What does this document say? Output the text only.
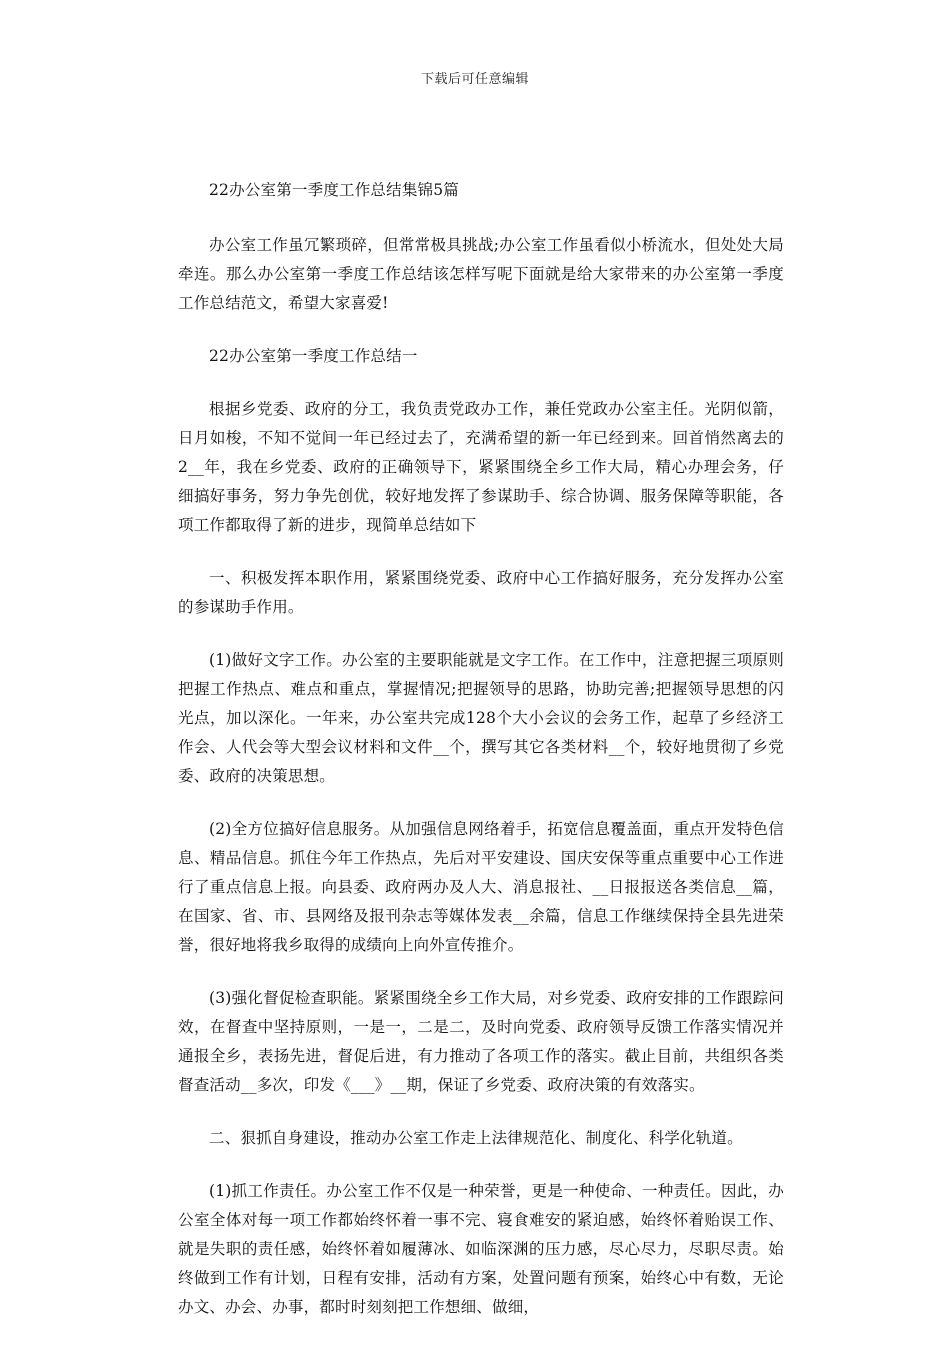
下载后可任意编辑

22办公室第一季度工作总结集锦5篇

办公室工作虽冗繁琐碎，但常常极具挑战;办公室工作虽看似小桥流水，但处处大局牵连。那么办公室第一季度工作总结该怎样写呢下面就是给大家带来的办公室第一季度工作总结范文，希望大家喜爱!

22办公室第一季度工作总结一

根据乡党委、政府的分工，我负责党政办工作，兼任党政办公室主任。光阴似箭，日月如梭，不知不觉间一年已经过去了，充满希望的新一年已经到来。回首悄然离去的2__年，我在乡党委、政府的正确领导下，紧紧围绕全乡工作大局，精心办理会务，仔细搞好事务，努力争先创优，较好地发挥了参谋助手、综合协调、服务保障等职能，各项工作都取得了新的进步，现简单总结如下

一、积极发挥本职作用，紧紧围绕党委、政府中心工作搞好服务，充分发挥办公室的参谋助手作用。

(1)做好文字工作。办公室的主要职能就是文字工作。在工作中，注意把握三项原则把握工作热点、难点和重点，掌握情况;把握领导的思路，协助完善;把握领导思想的闪光点，加以深化。一年来，办公室共完成128个大小会议的会务工作，起草了乡经济工作会、人代会等大型会议材料和文件__个，撰写其它各类材料__个，较好地贯彻了乡党委、政府的决策思想。

(2)全方位搞好信息服务。从加强信息网络着手，拓宽信息覆盖面，重点开发特色信息、精品信息。抓住今年工作热点，先后对平安建设、国庆安保等重点重要中心工作进行了重点信息上报。向县委、政府两办及人大、消息报社、__日报报送各类信息__篇，在国家、省、市、县网络及报刊杂志等媒体发表__余篇，信息工作继续保持全县先进荣誉，很好地将我乡取得的成绩向上向外宣传推介。

(3)强化督促检查职能。紧紧围绕全乡工作大局，对乡党委、政府安排的工作跟踪问效，在督查中坚持原则，一是一，二是二，及时向党委、政府领导反馈工作落实情况并通报全乡，表扬先进，督促后进，有力推动了各项工作的落实。截止目前，共组织各类督查活动__多次，印发《___》__期，保证了乡党委、政府决策的有效落实。

二、狠抓自身建设，推动办公室工作走上法律规范化、制度化、科学化轨道。

(1)抓工作责任。办公室工作不仅是一种荣誉，更是一种使命、一种责任。因此，办公室全体对每一项工作都始终怀着一事不完、寝食难安的紧迫感，始终怀着贻误工作、就是失职的责任感，始终怀着如履薄冰、如临深渊的压力感，尽心尽力，尽职尽责。始终做到工作有计划，日程有安排，活动有方案，处置问题有预案，始终心中有数，无论办文、办会、办事，都时时刻刻把工作想细、做细，
